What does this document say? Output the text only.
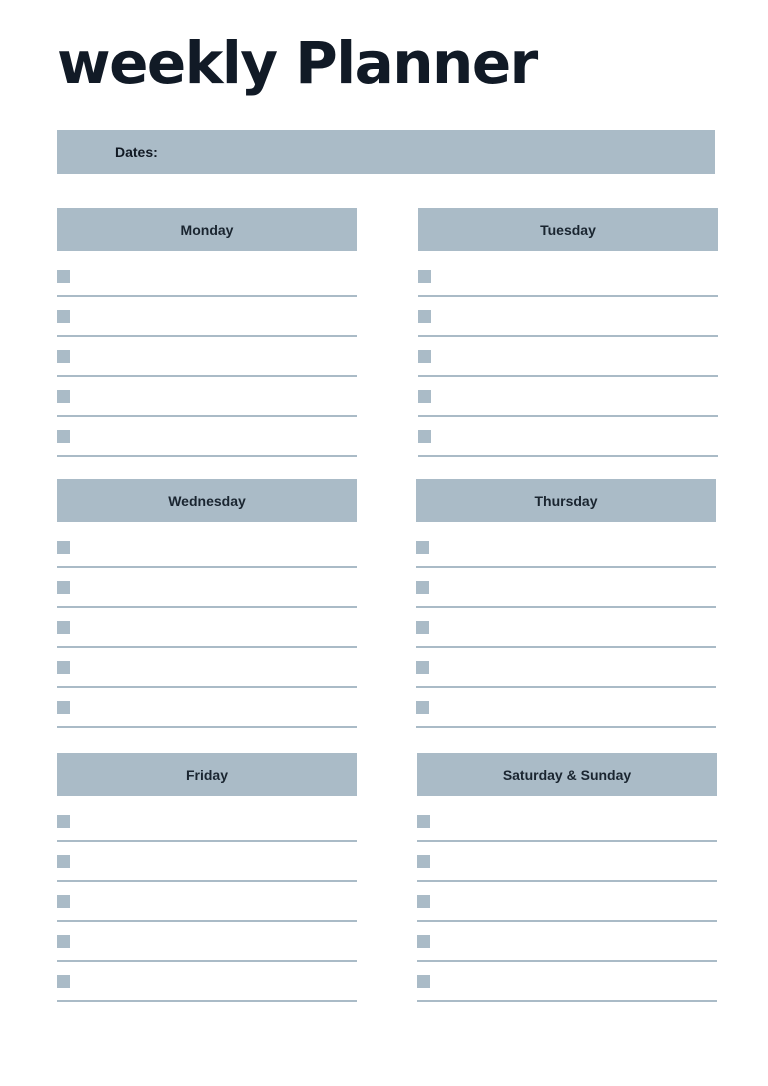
weekly Planner
Dates:
Monday	Tuesday
Wednesday	Thursday
Friday	Saturday & Sunday
